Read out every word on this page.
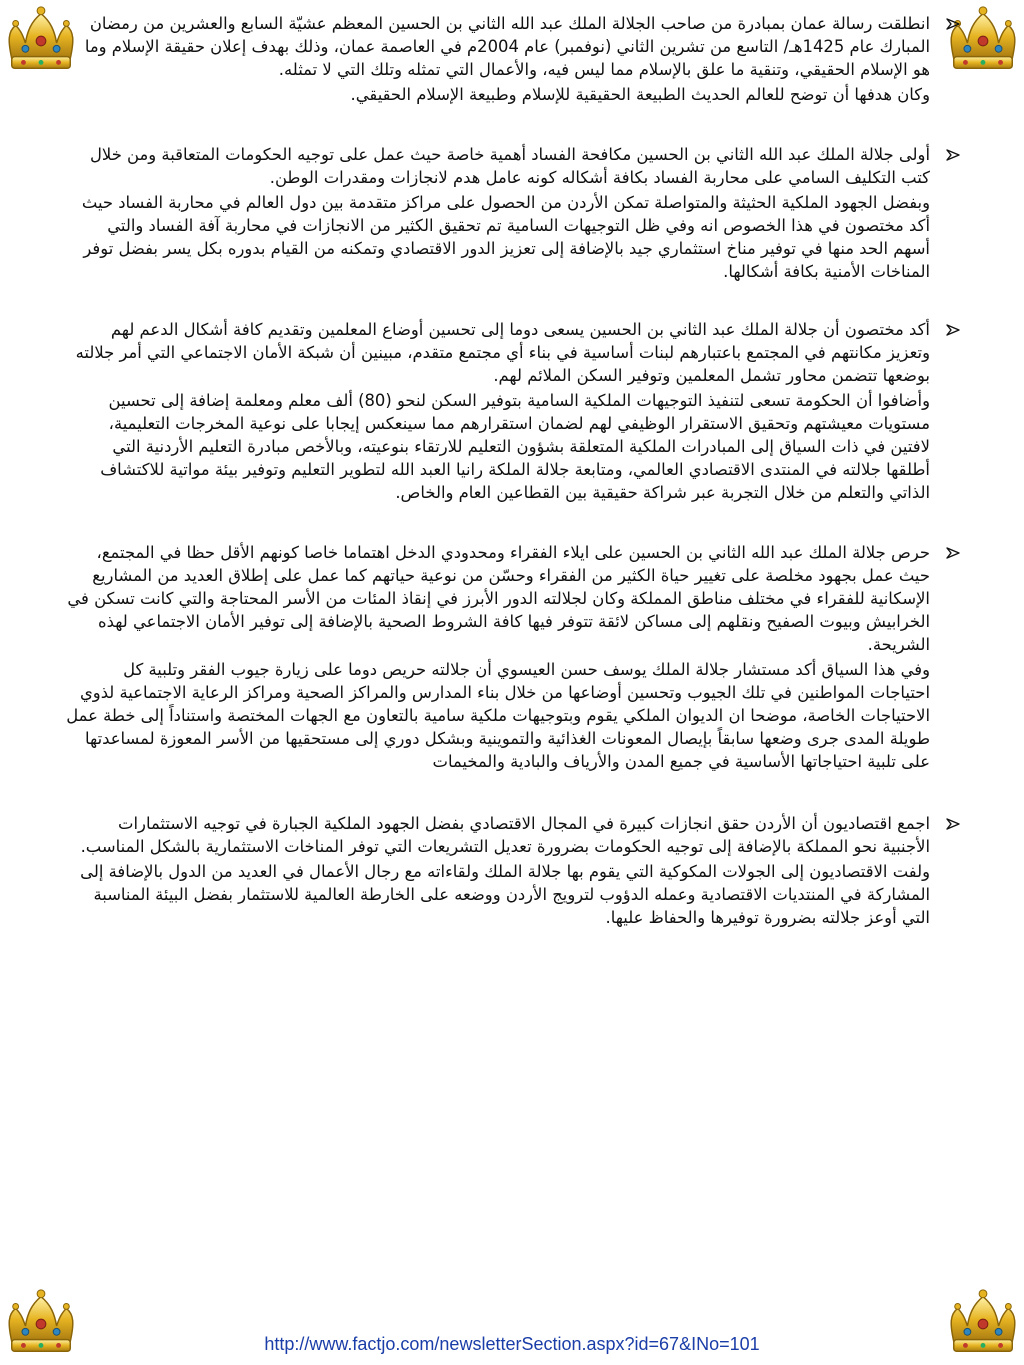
انطلقت رسالة عمان بمبادرة من صاحب الجلالة الملك عبد الله الثاني بن الحسين المعظم عشيّة السابع والعشرين من رمضان المبارك عام 1425هـ/ التاسع من تشرين الثاني (نوفمبر) عام 2004م في العاصمة عمان، وذلك بهدف إعلان حقيقة الإسلام وما هو الإسلام الحقيقي، وتنقية ما علق بالإسلام مما ليس فيه، والأعمال التي تمثله وتلك التي لا تمثله.

وكان هدفها أن توضح للعالم الحديث الطبيعة الحقيقية للإسلام وطبيعة الإسلام الحقيقي.

أولى جلالة الملك عبد الله الثاني بن الحسين مكافحة الفساد أهمية خاصة حيث عمل على توجيه الحكومات المتعاقبة ومن خلال كتب التكليف السامي على محاربة الفساد بكافة أشكاله كونه عامل هدم لانجازات ومقدرات الوطن.

وبفضل الجهود الملكية الحثيثة والمتواصلة تمكن الأردن من الحصول على مراكز متقدمة بين دول العالم في محاربة الفساد حيث أكد مختصون في هذا الخصوص انه وفي ظل التوجيهات السامية تم تحقيق الكثير من الانجازات في محاربة آفة الفساد والتي أسهم الحد منها في توفير مناخ استثماري جيد بالإضافة إلى تعزيز الدور الاقتصادي وتمكنه من القيام بدوره بكل يسر بفضل توفر المناخات الأمنية بكافة أشكالها.

أكد مختصون أن جلالة الملك عبد الثاني بن الحسين يسعى دوما إلى تحسين أوضاع المعلمين وتقديم كافة أشكال الدعم لهم وتعزيز مكانتهم في المجتمع باعتبارهم لبنات أساسية في بناء أي مجتمع متقدم، مبينين أن شبكة الأمان الاجتماعي التي أمر جلالته بوضعها تتضمن محاور تشمل المعلمين وتوفير السكن الملائم لهم.

وأضافوا أن الحكومة تسعى لتنفيذ التوجيهات الملكية السامية بتوفير السكن لنحو (80) ألف معلم ومعلمة إضافة إلى تحسين مستويات معيشتهم وتحقيق الاستقرار الوظيفي لهم لضمان استقرارهم مما سينعكس إيجابا على نوعية المخرجات التعليمية، لافتين في ذات السياق إلى المبادرات الملكية المتعلقة بشؤون التعليم للارتقاء بنوعيته، وبالأخص مبادرة التعليم الأردنية التي أطلقها جلالته في المنتدى الاقتصادي العالمي، ومتابعة جلالة الملكة رانيا العبد الله لتطوير التعليم وتوفير بيئة مواتية للاكتشاف الذاتي والتعلم من خلال التجربة عبر شراكة حقيقية بين القطاعين العام والخاص.

حرص جلالة الملك عبد الله الثاني بن الحسين على ايلاء الفقراء ومحدودي الدخل اهتماما خاصا كونهم الأقل حظا في المجتمع، حيث عمل بجهود مخلصة على تغيير حياة الكثير من الفقراء وحسّن من نوعية حياتهم كما عمل على إطلاق العديد من المشاريع الإسكانية للفقراء في مختلف مناطق المملكة وكان لجلالته الدور الأبرز في إنقاذ المئات من الأسر المحتاجة والتي كانت تسكن في الخرابيش وبيوت الصفيح ونقلهم إلى مساكن لائقة تتوفر فيها كافة الشروط الصحية بالإضافة إلى توفير الأمان الاجتماعي لهذه الشريحة.

وفي هذا السياق أكد مستشار جلالة الملك يوسف حسن العيسوي أن جلالته حريص دوما على زيارة جيوب الفقر وتلبية كل احتياجات المواطنين في تلك الجيوب وتحسين أوضاعها من خلال بناء المدارس والمراكز الصحية ومراكز الرعاية الاجتماعية لذوي الاحتياجات الخاصة، موضحا ان الديوان الملكي يقوم وبتوجيهات ملكية سامية بالتعاون مع الجهات المختصة واستناداً إلى خطة عمل طويلة المدى جرى وضعها سابقاً بإيصال المعونات الغذائية والتموينية وبشكل دوري إلى مستحقيها من الأسر المعوزة لمساعدتها على تلبية احتياجاتها الأساسية في جميع المدن والأرياف والبادية والمخيمات

اجمع اقتصاديون أن الأردن حقق انجازات كبيرة في المجال الاقتصادي بفضل الجهود الملكية الجبارة في توجيه الاستثمارات الأجنبية نحو المملكة بالإضافة إلى توجيه الحكومات بضرورة تعديل التشريعات التي توفر المناخات الاستثمارية بالشكل المناسب.

ولفت الاقتصاديون إلى الجولات المكوكية التي يقوم بها جلالة الملك ولقاءاته مع رجال الأعمال في العديد من الدول بالإضافة إلى المشاركة في المنتديات الاقتصادية وعمله الدؤوب لترويج الأردن ووضعه على الخارطة العالمية للاستثمار بفضل البيئة المناسبة التي أوعز جلالته بضرورة توفيرها والحفاظ عليها.

http://www.factjo.com/newsletterSection.aspx?id=67&INo=101
